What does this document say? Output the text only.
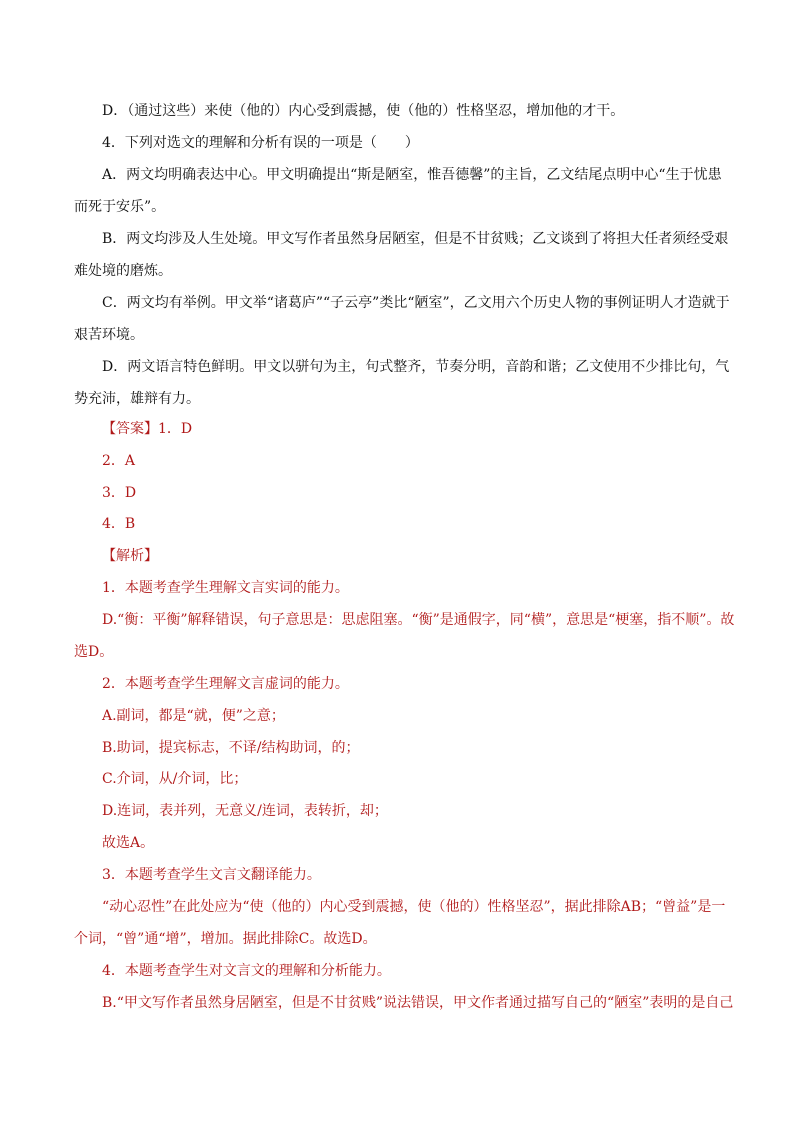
D．（通过这些）来使（他的）内心受到震撼，使（他的）性格坚忍，增加他的才干。
4．下列对选文的理解和分析有误的一项是（　　）
A．两文均明确表达中心。甲文明确提出“斯是陋室，惟吾德馨”的主旨，乙文结尾点明中心“生于忧患
而死于安乐”。
B．两文均涉及人生处境。甲文写作者虽然身居陋室，但是不甘贫贱；乙文谈到了将担大任者须经受艰
难处境的磨炼。
C．两文均有举例。甲文举“诸葛庐”“子云亭”类比“陋室”，乙文用六个历史人物的事例证明人才造就于
艰苦环境。
D．两文语言特色鲜明。甲文以骈句为主，句式整齐，节奏分明，音韵和谐；乙文使用不少排比句，气
势充沛，雄辩有力。
【答案】1．D
2．A
3．D
4．B
【解析】
1．本题考查学生理解文言实词的能力。
D.“衡：平衡”解释错误，句子意思是：思虑阻塞。“衡”是通假字，同“横”，意思是“梗塞，指不顺”。故
选D。
2．本题考查学生理解文言虚词的能力。
A.副词，都是“就，便”之意；
B.助词，提宾标志，不译/结构助词，的；
C.介词，从/介词，比；
D.连词，表并列，无意义/连词，表转折，却；
故选A。
3．本题考查学生文言文翻译能力。
“动心忍性”在此处应为“使（他的）内心受到震撼，使（他的）性格坚忍”，据此排除AB；“曾益”是一
个词，“曾”通“增”，增加。据此排除C。故选D。
4．本题考查学生对文言文的理解和分析能力。
B.“甲文写作者虽然身居陋室，但是不甘贫贱”说法错误，甲文作者通过描写自己的“陋室”表明的是自己
